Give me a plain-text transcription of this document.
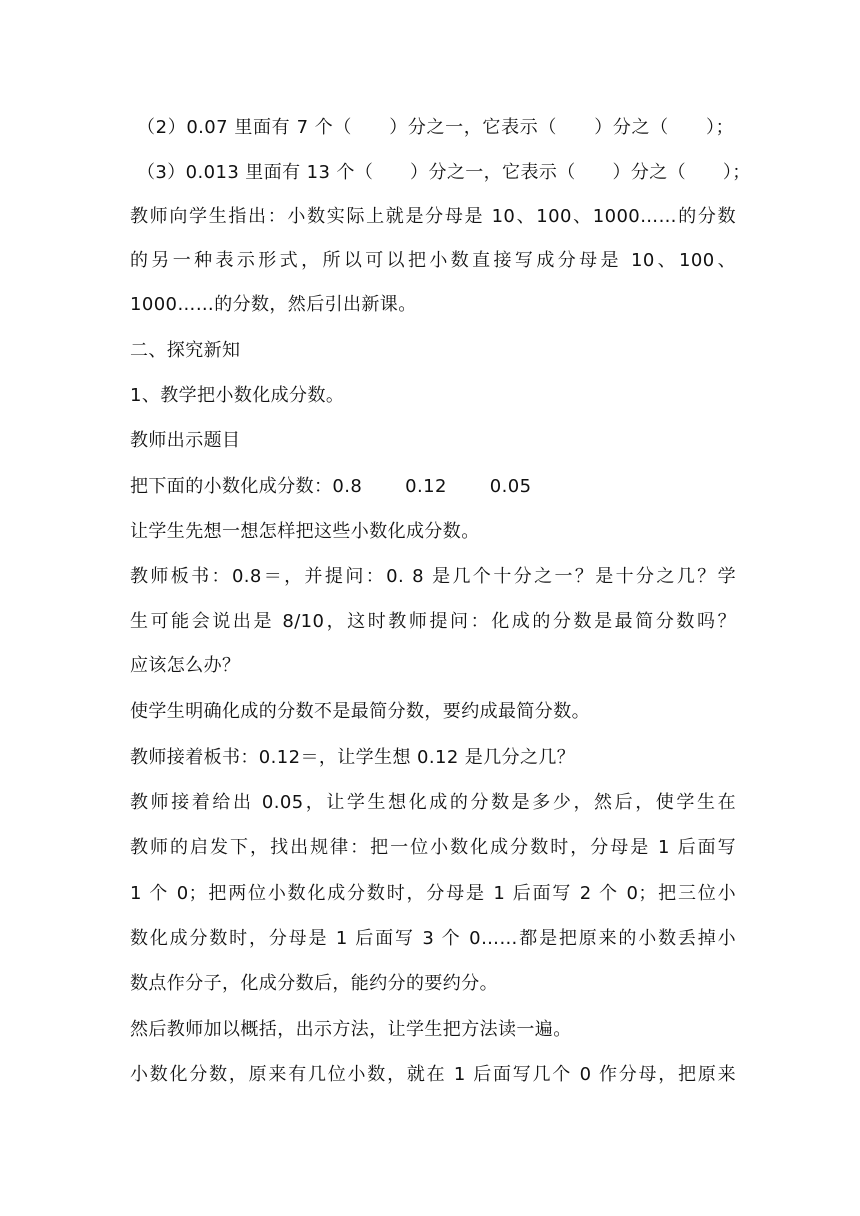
（2）0.07 里面有 7 个（　　）分之一，它表示（　　）分之（　　）；
（3）0.013 里面有 13 个（　　）分之一，它表示（　　）分之（　　）；
教师向学生指出：小数实际上就是分母是 10、100、1000……的分数
的另一种表示形式，所以可以把小数直接写成分母是 10、100、
1000……的分数，然后引出新课。
二、探究新知
1、教学把小数化成分数。
教师出示题目
把下面的小数化成分数：0.8　　 0.12　　 0.05
让学生先想一想怎样把这些小数化成分数。
教师板书：0.8＝，并提问：0. 8 是几个十分之一？是十分之几？学
生可能会说出是 8/10，这时教师提问：化成的分数是最简分数吗？
应该怎么办？
使学生明确化成的分数不是最简分数，要约成最简分数。
教师接着板书：0.12＝，让学生想 0.12 是几分之几？
教师接着给出 0.05，让学生想化成的分数是多少，然后，使学生在
教师的启发下，找出规律：把一位小数化成分数时，分母是 1 后面写
1 个 0；把两位小数化成分数时，分母是 1 后面写 2 个 0；把三位小
数化成分数时，分母是 1 后面写 3 个 0……都是把原来的小数丢掉小
数点作分子，化成分数后，能约分的要约分。
然后教师加以概括，出示方法，让学生把方法读一遍。
小数化分数，原来有几位小数，就在 1 后面写几个 0 作分母，把原来
